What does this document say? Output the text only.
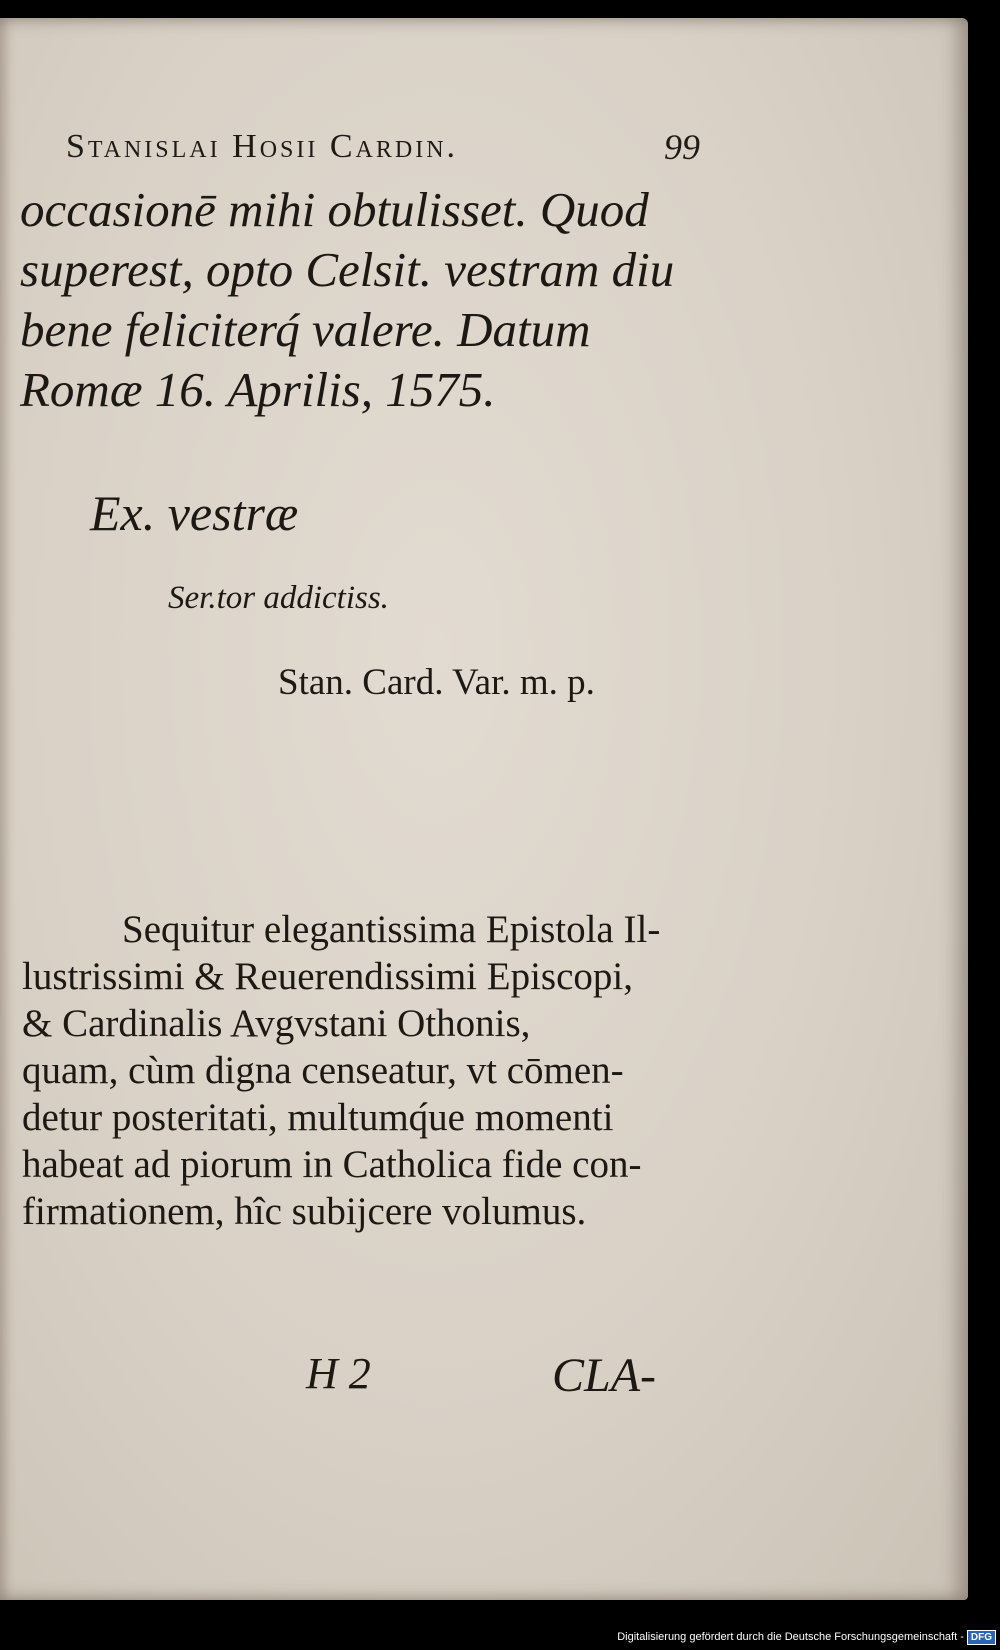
Stanislai Hosii Cardin.	99

occasionē mihi obtulisset. Quod

superest, opto Celsit. vestram diu

bene feliciterq́ valere. Datum

Romæ 16. Aprilis, 1575.

Ex. vestræ
Ser.tor addictiss.
Stan. Card. Var. m. p.

Sequitur elegantissima Epistola Il-

lustrissimi & Reuerendissimi Episcopi,

& Cardinalis Avgvstani Othonis,

quam, cùm digna censeatur, vt cōmen-

detur posteritati, multumq́ue momenti

habeat ad piorum in Catholica fide con-

firmationem, hîc subijcere volumus.

H 2	CLA-
Digitalisierung gefördert durch die Deutsche Forschungsgemeinschaft - DFG
